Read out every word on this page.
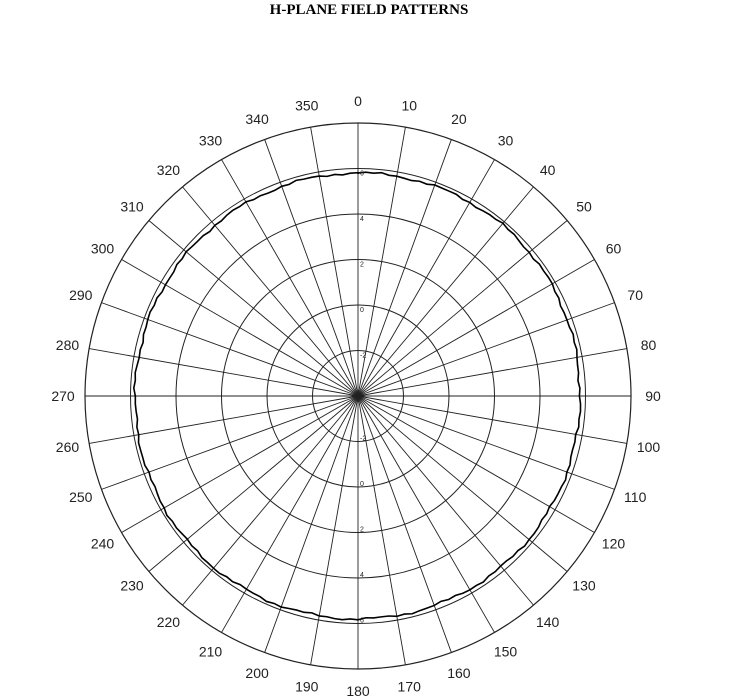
H-PLANE FIELD PATTERNS
0	10
20
30
40
50
60
70
80
90
100
110
120
130
140
150
160
170
180
190
200
210
220
230
240
250
260
270
280
290
300
310
320
330
340
350
-2
-2
0
0
2
2
4
4
6
6
